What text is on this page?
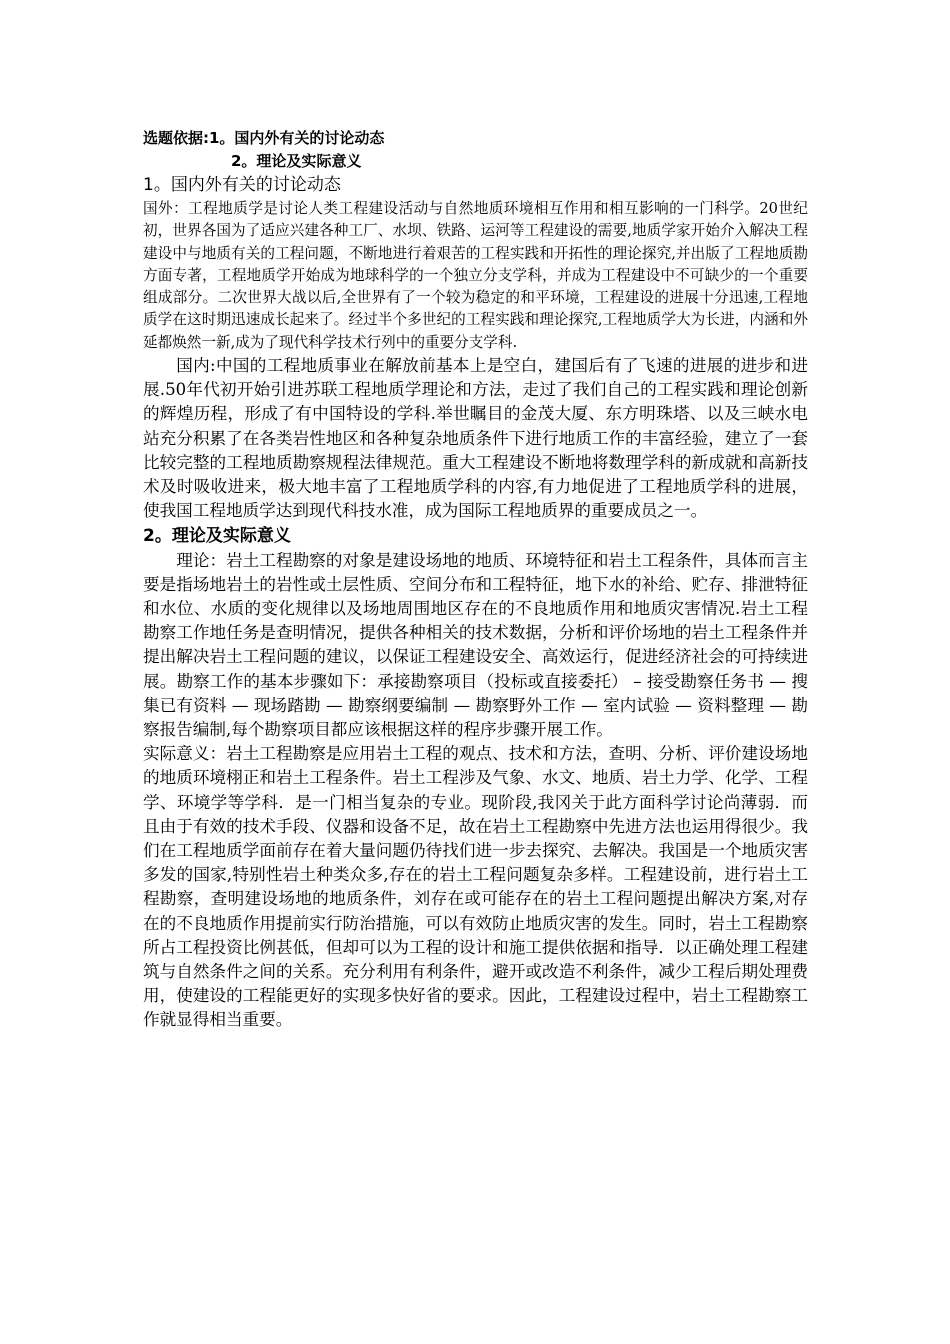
选题依据:1。国内外有关的讨论动态
2。理论及实际意义
1。国内外有关的讨论动态

国外：工程地质学是讨论人类工程建设活动与自然地质环境相互作用和相互影响的一门科学。20世纪初，世界各国为了适应兴建各种工厂、水坝、铁路、运河等工程建设的需要,地质学家开始介入解决工程建设中与地质有关的工程问题，不断地进行着艰苦的工程实践和开拓性的理论探究,并出版了工程地质勘方面专著，工程地质学开始成为地球科学的一个独立分支学科，并成为工程建设中不可缺少的一个重要组成部分。二次世界大战以后,全世界有了一个较为稳定的和平环境，工程建设的进展十分迅速,工程地质学在这时期迅速成长起来了。经过半个多世纪的工程实践和理论探究,工程地质学大为长进，内涵和外延都焕然一新,成为了现代科学技术行列中的重要分支学科.

国内:中国的工程地质事业在解放前基本上是空白，建国后有了飞速的进展的进步和进展.50年代初开始引进苏联工程地质学理论和方法，走过了我们自己的工程实践和理论创新的辉煌历程，形成了有中国特设的学科.举世瞩目的金茂大厦、东方明珠塔、以及三峡水电站充分积累了在各类岩性地区和各种复杂地质条件下进行地质工作的丰富经验，建立了一套比较完整的工程地质勘察规程法律规范。重大工程建设不断地将数理学科的新成就和高新技术及时吸收进来，极大地丰富了工程地质学科的内容,有力地促进了工程地质学科的进展，使我国工程地质学达到现代科技水准，成为国际工程地质界的重要成员之一。

2。理论及实际意义

理论：岩土工程勘察的对象是建设场地的地质、环境特征和岩土工程条件，具体而言主要是指场地岩土的岩性或土层性质、空间分布和工程特征，地下水的补给、贮存、排泄特征和水位、水质的变化规律以及场地周围地区存在的不良地质作用和地质灾害情况.岩土工程勘察工作地任务是查明情况，提供各种相关的技术数据，分析和评价场地的岩土工程条件并提出解决岩土工程问题的建议，以保证工程建设安全、高效运行，促进经济社会的可持续进展。勘察工作的基本步骤如下：承接勘察项目（投标或直接委托） – 接受勘察任务书 — 搜集已有资料 — 现场踏勘 — 勘察纲要编制 — 勘察野外工作 — 室内试验 — 资料整理 — 勘察报告编制,每个勘察项目都应该根据这样的程序步骤开展工作。

实际意义：岩土工程勘察是应用岩土工程的观点、技术和方法，查明、分析、评价建设场地的地质环境栩正和岩土工程条件。岩土工程涉及气象、水文、地质、岩土力学、化学、工程学、环境学等学科．是一门相当复杂的专业。现阶段,我冈关于此方面科学讨论尚薄弱．而且由于有效的技术手段、仪器和设备不足，故在岩土工程勘察中先进方法也运用得很少。我们在工程地质学面前存在着大量问题仍待找们进一步去探究、去解决。我国是一个地质灾害多发的国家,特别性岩土种类众多,存在的岩土工程问题复杂多样。工程建设前，进行岩土工程勘察，查明建设场地的地质条件，刘存在或可能存在的岩土工程问题提出解决方案,对存在的不良地质作用提前实行防治措施，可以有效防止地质灾害的发生。同时，岩土工程勘察所占工程投资比例甚低，但却可以为工程的设计和施工提供依据和指导．以正确处理工程建筑与自然条件之间的关系。充分利用有利条件，避开或改造不利条件，减少工程后期处理费用，使建设的工程能更好的实现多快好省的要求。因此，工程建设过程中，岩土工程勘察工作就显得相当重要。
